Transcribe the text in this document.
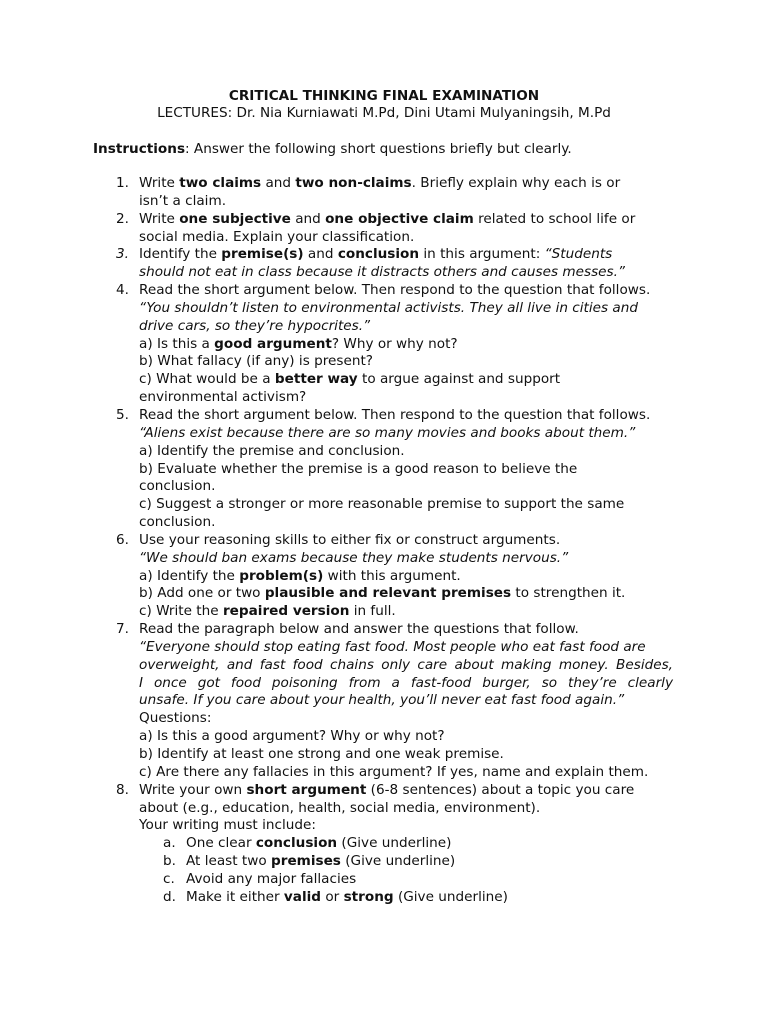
CRITICAL THINKING FINAL EXAMINATION
LECTURES: Dr. Nia Kurniawati M.Pd, Dini Utami Mulyaningsih, M.Pd
Instructions: Answer the following short questions briefly but clearly.
1. Write two claims and two non-claims. Briefly explain why each is or
isn’t a claim.
2. Write one subjective and one objective claim related to school life or
social media. Explain your classification.
3. Identify the premise(s) and conclusion in this argument: “Students
should not eat in class because it distracts others and causes messes.”
4. Read the short argument below. Then respond to the question that follows.
“You shouldn’t listen to environmental activists. They all live in cities and
drive cars, so they’re hypocrites.”
a) Is this a good argument? Why or why not?
b) What fallacy (if any) is present?
c) What would be a better way to argue against and support
environmental activism?
5. Read the short argument below. Then respond to the question that follows.
“Aliens exist because there are so many movies and books about them.”
a) Identify the premise and conclusion.
b) Evaluate whether the premise is a good reason to believe the
conclusion.
c) Suggest a stronger or more reasonable premise to support the same
conclusion.
6. Use your reasoning skills to either fix or construct arguments.
“We should ban exams because they make students nervous.”
a) Identify the problem(s) with this argument.
b) Add one or two plausible and relevant premises to strengthen it.
c) Write the repaired version in full.
7. Read the paragraph below and answer the questions that follow.
“Everyone should stop eating fast food. Most people who eat fast food are
overweight, and fast food chains only care about making money. Besides,
I once got food poisoning from a fast-food burger, so they’re clearly
unsafe. If you care about your health, you’ll never eat fast food again.”
Questions:
a) Is this a good argument? Why or why not?
b) Identify at least one strong and one weak premise.
c) Are there any fallacies in this argument? If yes, name and explain them.
8. Write your own short argument (6-8 sentences) about a topic you care
about (e.g., education, health, social media, environment).
Your writing must include:
a. One clear conclusion (Give underline)
b. At least two premises (Give underline)
c. Avoid any major fallacies
d. Make it either valid or strong (Give underline)
